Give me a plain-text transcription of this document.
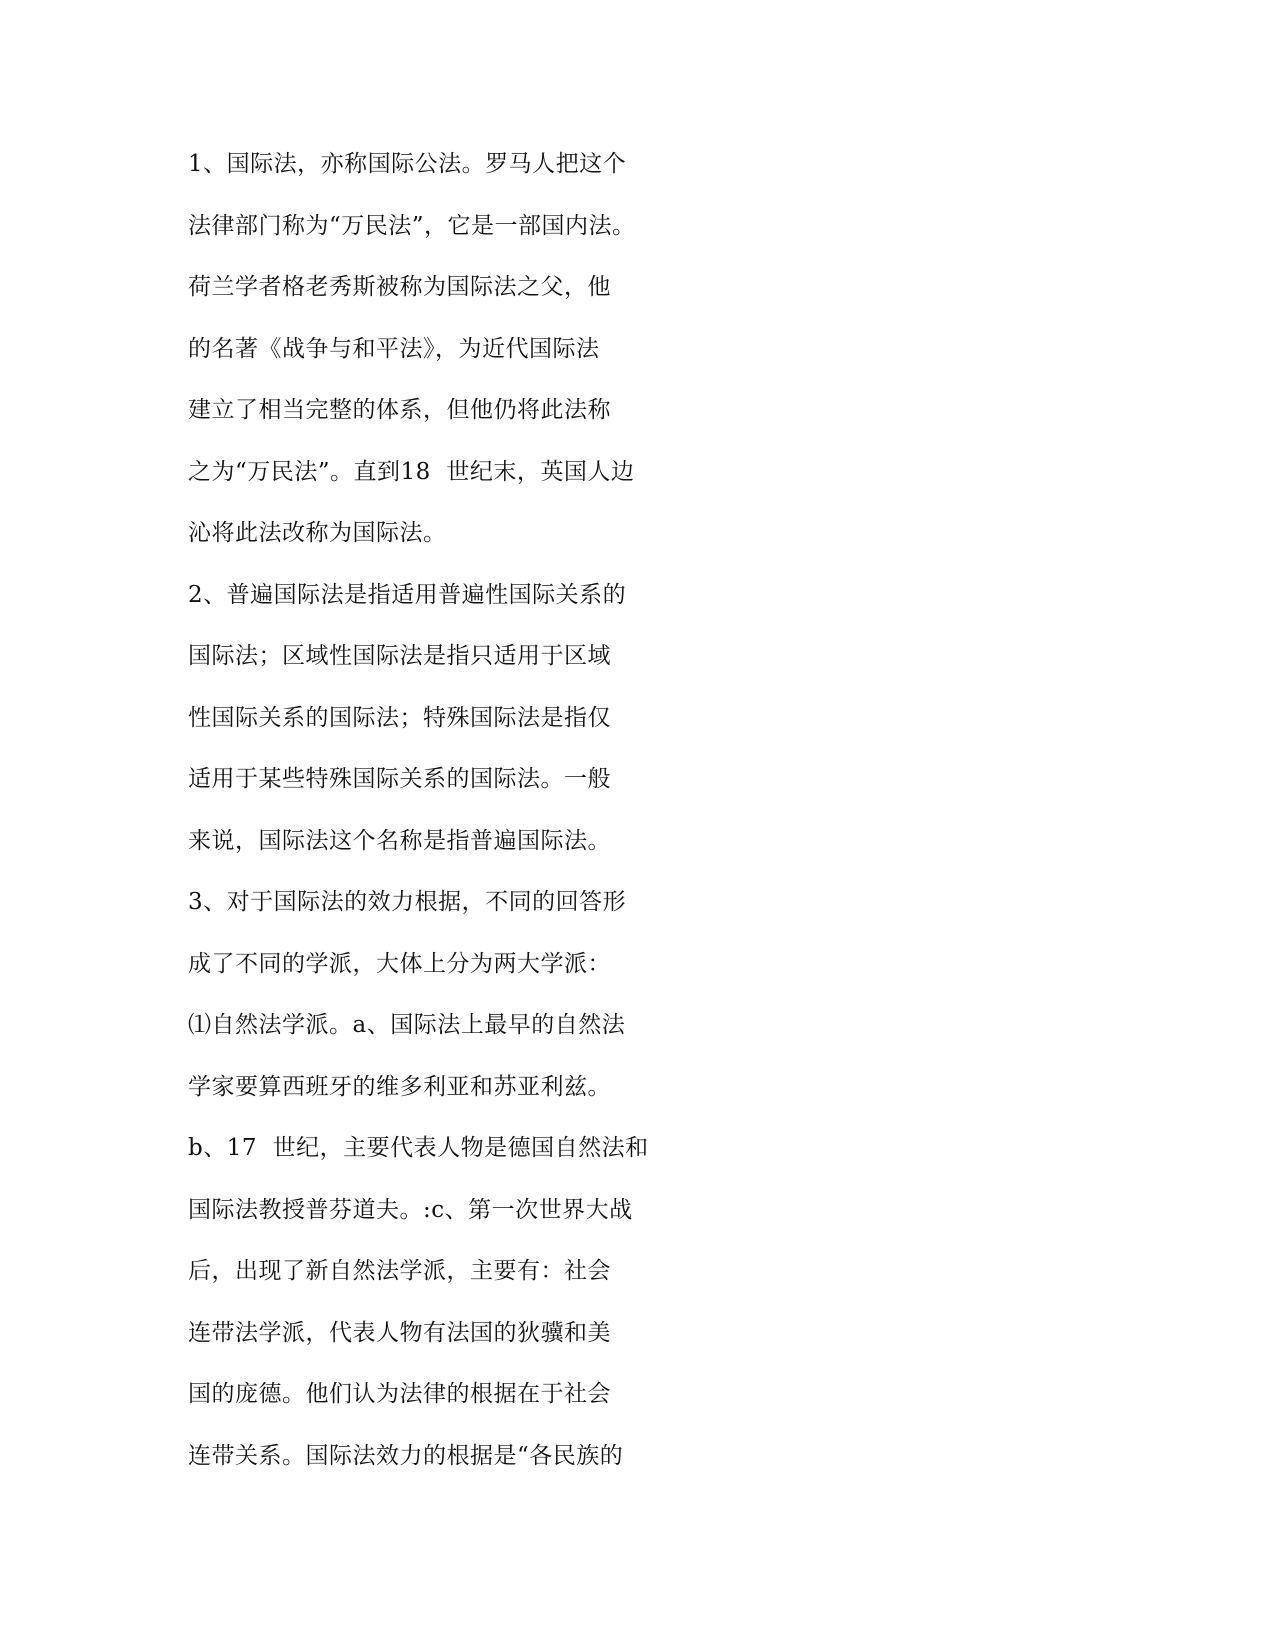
1、国际法，亦称国际公法。罗马人把这个
法律部门称为“万民法”，它是一部国内法。
荷兰学者格老秀斯被称为国际法之父，他
的名著《战争与和平法》，为近代国际法
建立了相当完整的体系，但他仍将此法称
之为“万民法”。直到18  世纪末，英国人边
沁将此法改称为国际法。
2、普遍国际法是指适用普遍性国际关系的
国际法；区域性国际法是指只适用于区域
性国际关系的国际法；特殊国际法是指仅
适用于某些特殊国际关系的国际法。一般
来说，国际法这个名称是指普遍国际法。
3、对于国际法的效力根据，不同的回答形
成了不同的学派，大体上分为两大学派：
⑴自然法学派。a、国际法上最早的自然法
学家要算西班牙的维多利亚和苏亚利兹。
b、17  世纪，主要代表人物是德国自然法和
国际法教授普芬道夫。:c、第一次世界大战
后，出现了新自然法学派，主要有：社会
连带法学派，代表人物有法国的狄骥和美
国的庞德。他们认为法律的根据在于社会
连带关系。国际法效力的根据是“各民族的
